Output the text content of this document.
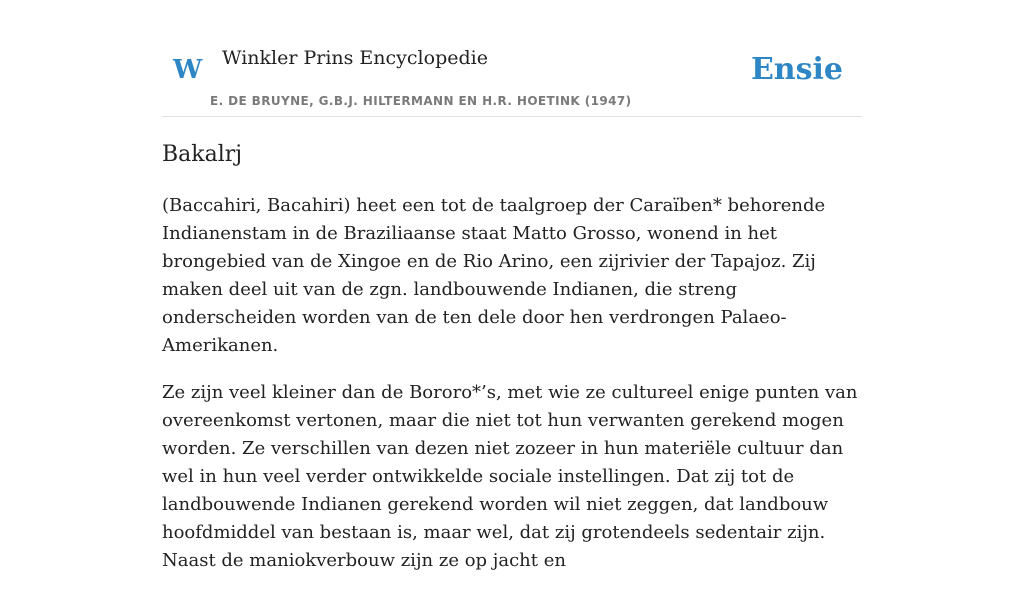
W Winkler Prins Encyclopedie
E. DE BRUYNE, G.B.J. HILTERMANN EN H.R. HOETINK (1947)
Ensie
Bakalrj

(Baccahiri, Bacahiri) heet een tot de taalgroep der Caraïben* behorende Indianenstam in de Braziliaanse staat Matto Grosso, wonend in het brongebied van de Xingoe en de Rio Arino, een zijrivier der Tapajoz. Zij maken deel uit van de zgn. landbouwende Indianen, die streng onderscheiden worden van de ten dele door hen verdrongen Palaeo-Amerikanen.

Ze zijn veel kleiner dan de Bororo*’s, met wie ze cultureel enige punten van overeenkomst vertonen, maar die niet tot hun verwanten gerekend mogen worden. Ze verschillen van dezen niet zozeer in hun materiële cultuur dan wel in hun veel verder ontwikkelde sociale instellingen. Dat zij tot de landbouwende Indianen gerekend worden wil niet zeggen, dat landbouw hoofdmiddel van bestaan is, maar wel, dat zij grotendeels sedentair zijn. Naast de maniokverbouw zijn ze op jacht en
